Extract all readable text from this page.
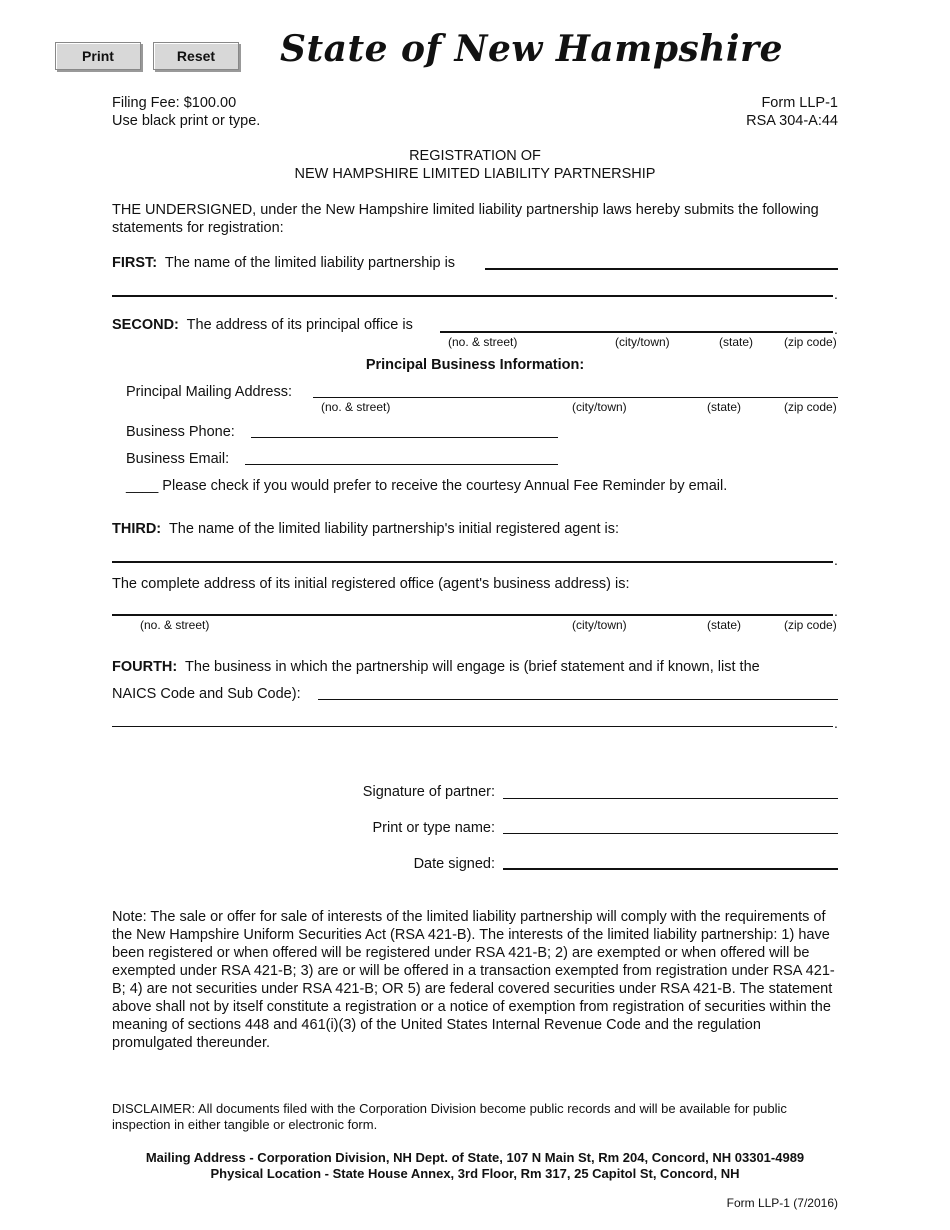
Print	Reset	State of New Hampshire
Filing Fee: $100.00
Use black print or type.
Form LLP-1
RSA 304-A:44
REGISTRATION OF
NEW HAMPSHIRE LIMITED LIABILITY PARTNERSHIP
THE UNDERSIGNED, under the New Hampshire limited liability partnership laws hereby submits the following statements for registration:
FIRST: The name of the limited liability partnership is
.
SECOND: The address of its principal office is	.
(no. & street)	(city/town)	(state)	(zip code)
Principal Business Information:
Principal Mailing Address:
(no. & street)	(city/town)	(state)	(zip code)
Business Phone:
Business Email:
____ Please check if you would prefer to receive the courtesy Annual Fee Reminder by email.
THIRD: The name of the limited liability partnership's initial registered agent is:
.
The complete address of its initial registered office (agent's business address) is:
.
(no. & street)	(city/town)	(state)	(zip code)
FOURTH: The business in which the partnership will engage is (brief statement and if known, list the
NAICS Code and Sub Code):
.
Signature of partner:
Print or type name:
Date signed:
Note: The sale or offer for sale of interests of the limited liability partnership will comply with the requirements of the New Hampshire Uniform Securities Act (RSA 421-B). The interests of the limited liability partnership: 1) have been registered or when offered will be registered under RSA 421-B; 2) are exempted or when offered will be exempted under RSA 421-B; 3) are or will be offered in a transaction exempted from registration under RSA 421-B; 4) are not securities under RSA 421-B; OR 5) are federal covered securities under RSA 421-B. The statement above shall not by itself constitute a registration or a notice of exemption from registration of securities within the meaning of sections 448 and 461(i)(3) of the United States Internal Revenue Code and the regulation promulgated thereunder.
DISCLAIMER: All documents filed with the Corporation Division become public records and will be available for public inspection in either tangible or electronic form.
Mailing Address - Corporation Division, NH Dept. of State, 107 N Main St, Rm 204, Concord, NH 03301-4989
Physical Location - State House Annex, 3rd Floor, Rm 317, 25 Capitol St, Concord, NH
Form LLP-1 (7/2016)
